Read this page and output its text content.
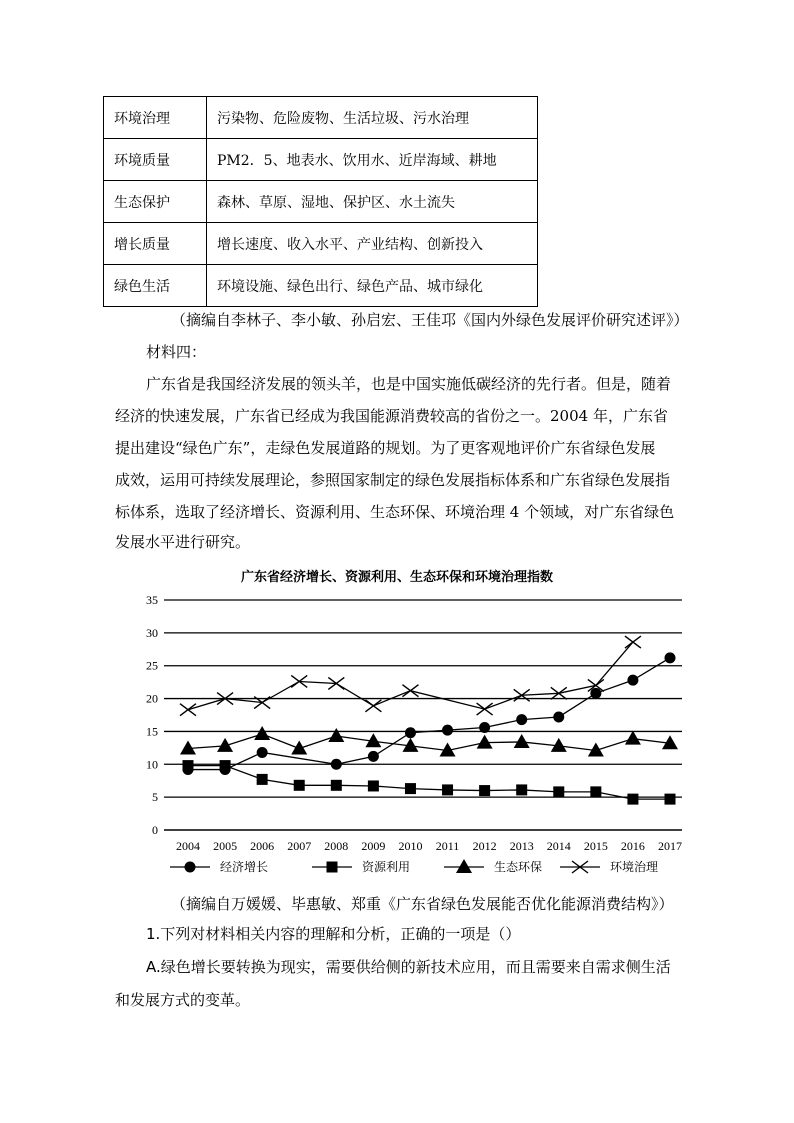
环境治理	污染物、危险废物、生活垃圾、污水治理
环境质量	PM2．5、地表水、饮用水、近岸海域、耕地
生态保护	森林、草原、湿地、保护区、水土流失
增长质量	增长速度、收入水平、产业结构、创新投入
绿色生活	环境设施、绿色出行、绿色产品、城市绿化
（摘编自李林子、李小敏、孙启宏、王佳邛《国内外绿色发展评价研究述评》）
材料四：
广东省是我国经济发展的领头羊，也是中国实施低碳经济的先行者。但是，随着
经济的快速发展，广东省已经成为我国能源消费较高的省份之一。2004 年，广东省
提出建设“绿色广东”，走绿色发展道路的规划。为了更客观地评价广东省绿色发展
成效，运用可持续发展理论，参照国家制定的绿色发展指标体系和广东省绿色发展指
标体系，选取了经济增长、资源利用、生态环保、环境治理 4 个领域，对广东省绿色
发展水平进行研究。
广东省经济增长、资源利用、生态环保和环境治理指数
0
5
10
15
20
25
30
35
2004 2005 2006 2007 2008 2009 2010 2011 2012 2013 2014 2015 2016 2017
经济增长	资源利用	生态环保	环境治理
（摘编自万媛媛、毕惠敏、郑重《广东省绿色发展能否优化能源消费结构》）
1.下列对材料相关内容的理解和分析，正确的一项是（）
A.绿色增长要转换为现实，需要供给侧的新技术应用，而且需要来自需求侧生活
和发展方式的变革。
